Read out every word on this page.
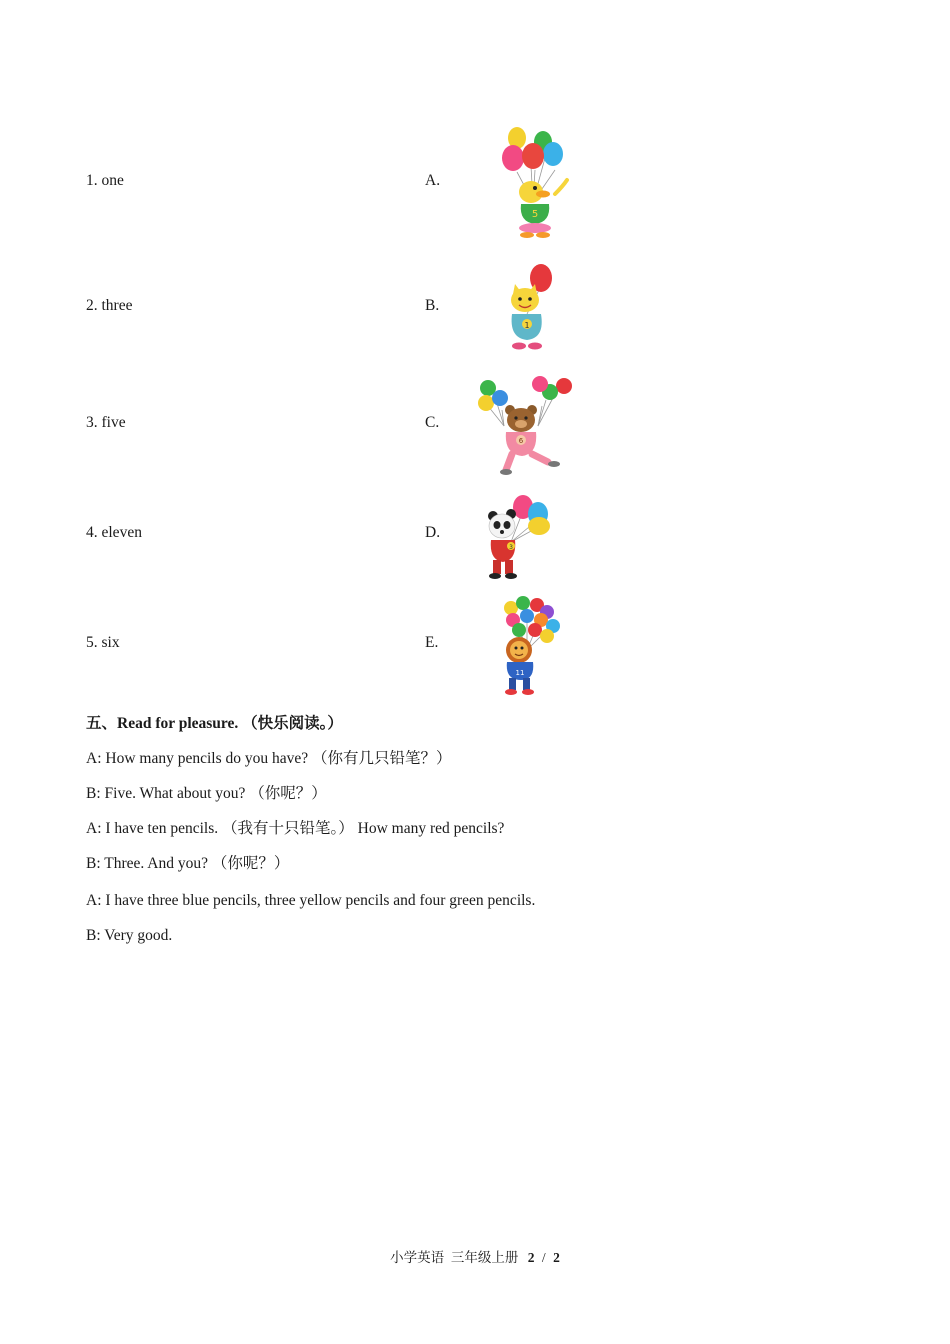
1. one
2. three
3. five
4. eleven
5. six
A.
B.
C.
D.
E.
5
1
6
3
11
五、Read for pleasure. （快乐阅读。）
A: How many pencils do you have? （你有几只铅笔？）
B: Five. What about you? （你呢？）
A: I have ten pencils. （我有十只铅笔。） How many red pencils?
B: Three. And you? （你呢？）
A: I have three blue pencils, three yellow pencils and four green pencils.
B: Very good.
小学英语  三年级上册 2 / 2
